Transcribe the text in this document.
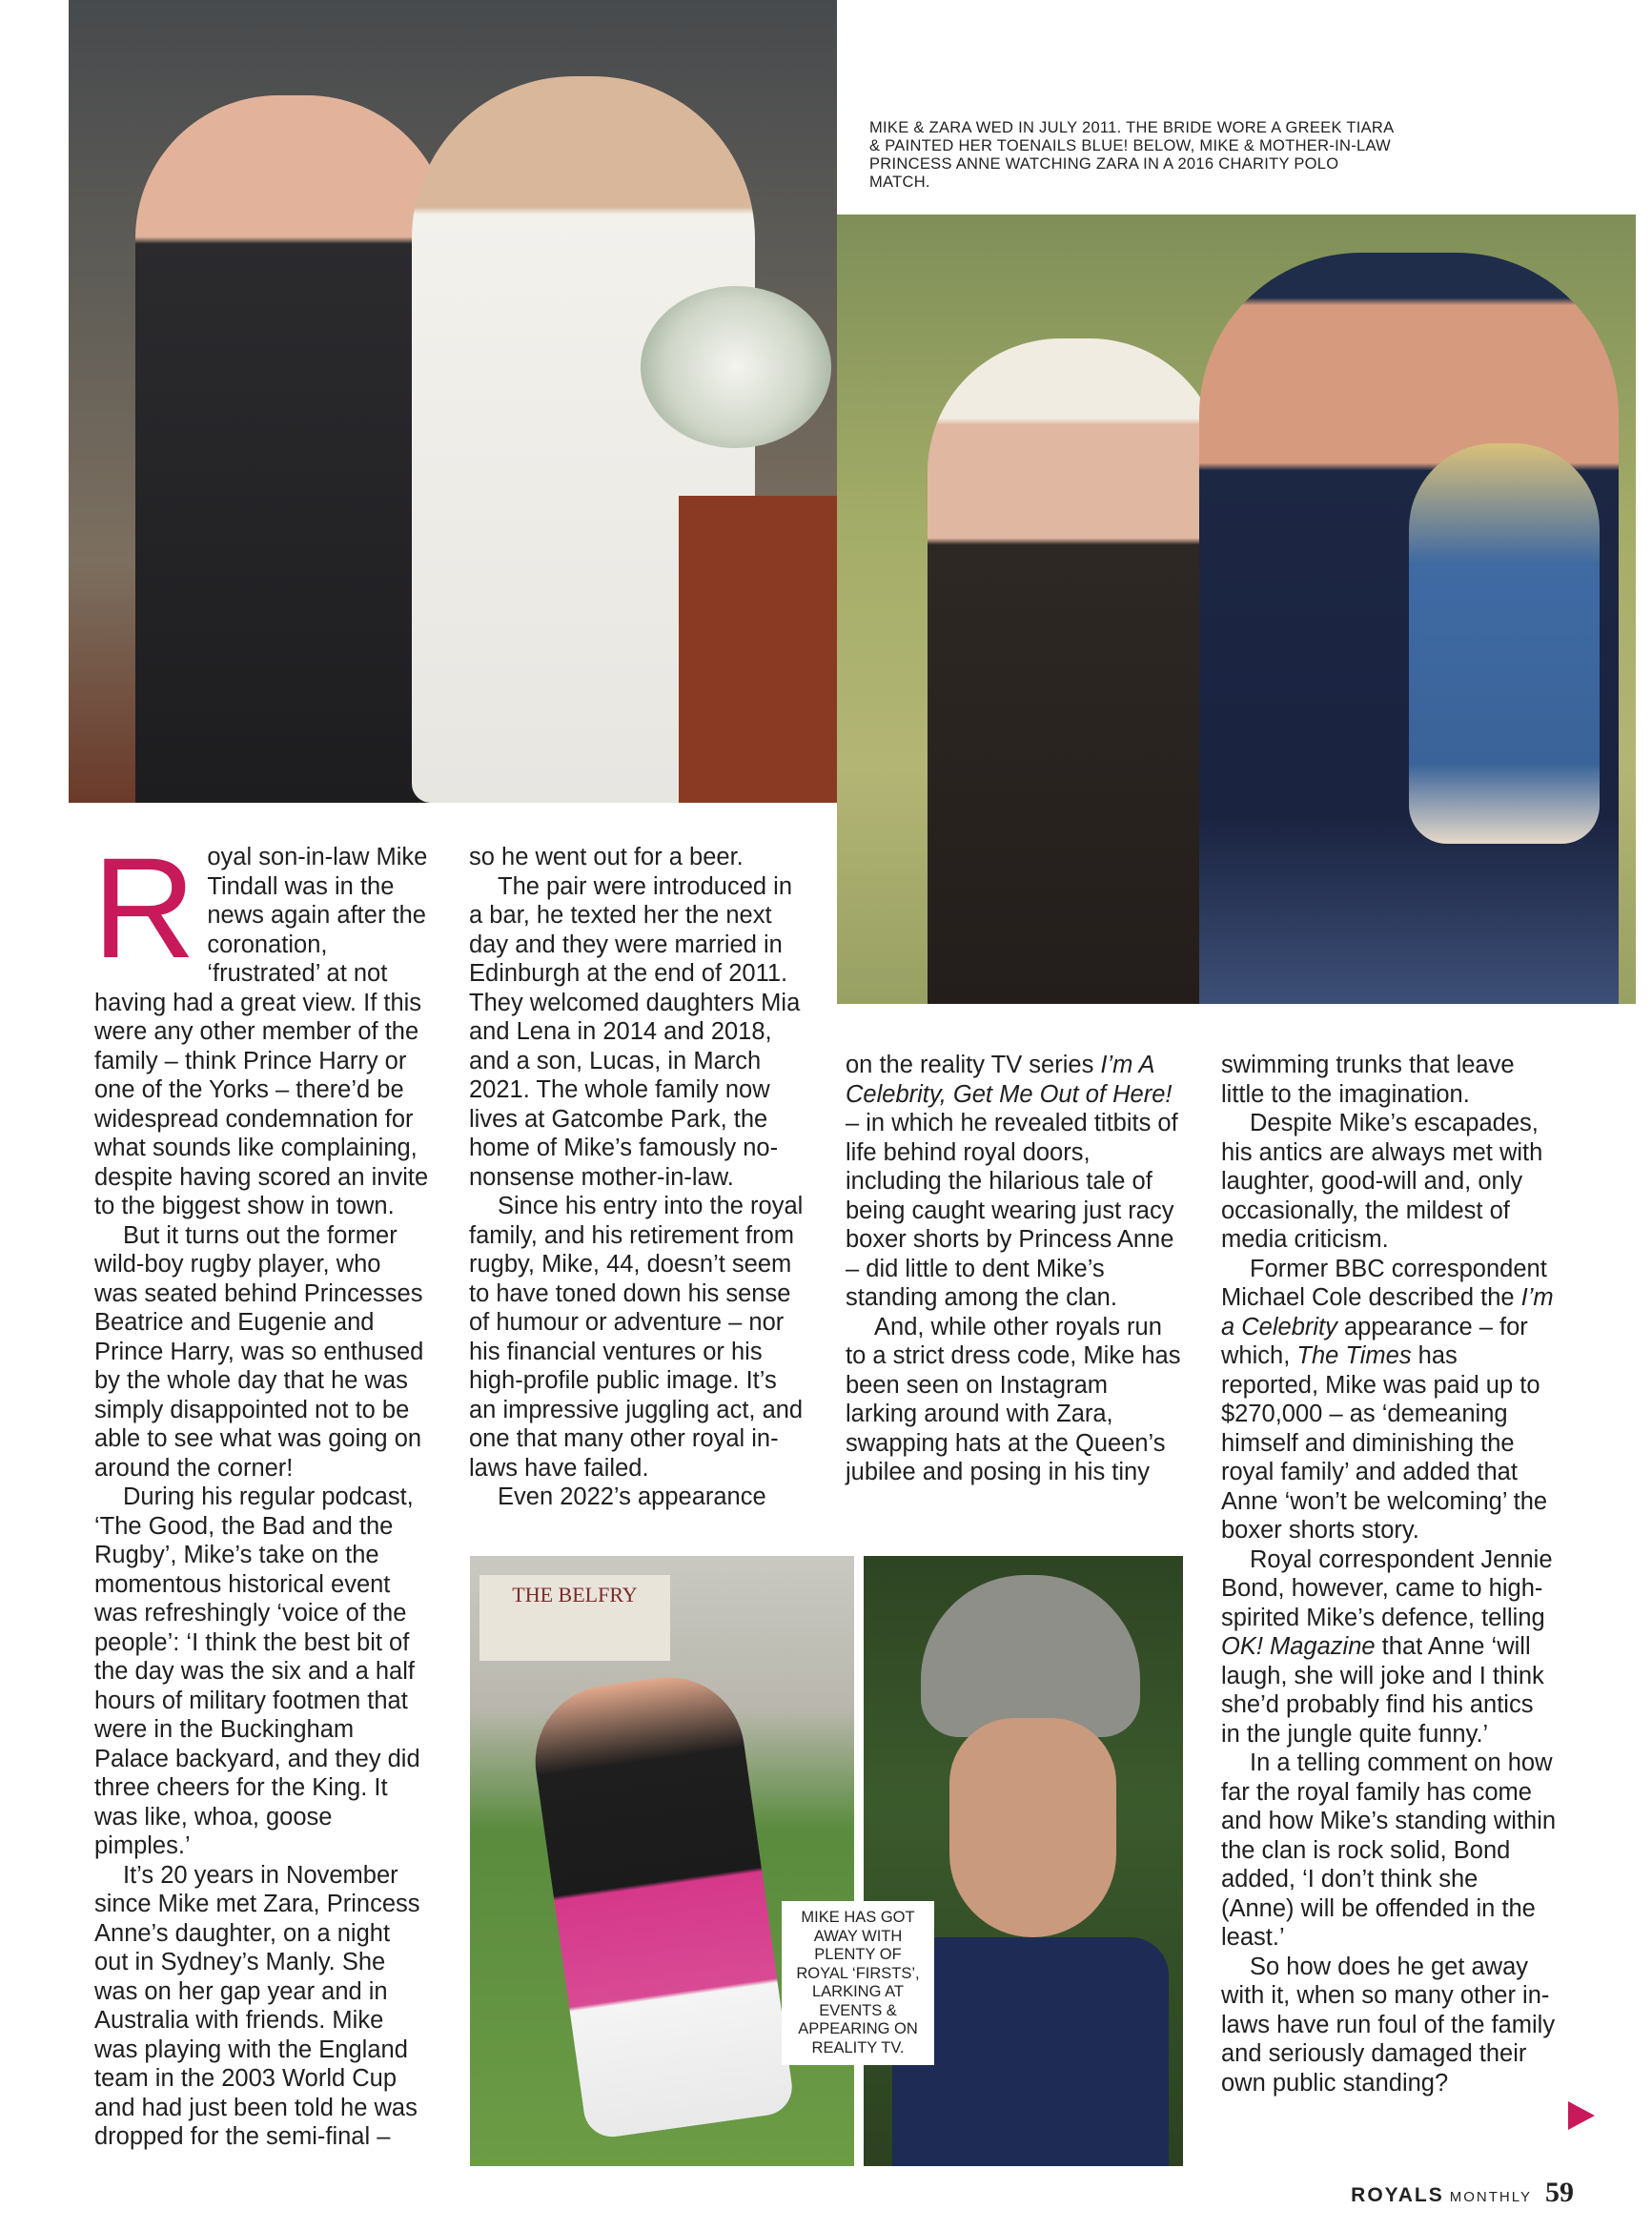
MIKE & ZARA WED IN JULY 2011. THE BRIDE WORE A GREEK TIARA & PAINTED HER TOENAILS BLUE! BELOW, MIKE & MOTHER-IN-LAW PRINCESS ANNE WATCHING ZARA IN A 2016 CHARITY POLO MATCH.

R oyal son-in-law Mike Tindall was in the news again after the coronation, ‘frustrated’ at not having had a great view. If this were any other member of the family – think Prince Harry or one of the Yorks – there’d be widespread condemnation for what sounds like complaining, despite having scored an invite to the biggest show in town.

But it turns out the former wild-boy rugby player, who was seated behind Princesses Beatrice and Eugenie and Prince Harry, was so enthused by the whole day that he was simply disappointed not to be able to see what was going on around the corner!

During his regular podcast, ‘The Good, the Bad and the Rugby’, Mike’s take on the momentous historical event was refreshingly ‘voice of the people’: ‘I think the best bit of the day was the six and a half hours of military footmen that were in the Buckingham Palace backyard, and they did three cheers for the King. It was like, whoa, goose pimples.’

It’s 20 years in November since Mike met Zara, Princess Anne’s daughter, on a night out in Sydney’s Manly. She was on her gap year and in Australia with friends. Mike was playing with the England team in the 2003 World Cup and had just been told he was dropped for the semi-final –

so he went out for a beer.

The pair were introduced in a bar, he texted her the next day and they were married in Edinburgh at the end of 2011. They welcomed daughters Mia and Lena in 2014 and 2018, and a son, Lucas, in March 2021. The whole family now lives at Gatcombe Park, the home of Mike’s famously no-nonsense mother-in-law.

Since his entry into the royal family, and his retirement from rugby, Mike, 44, doesn’t seem to have toned down his sense of humour or adventure – nor his financial ventures or his high-profile public image. It’s an impressive juggling act, and one that many other royal in-laws have failed.

Even 2022’s appearance

on the reality TV series I’m A Celebrity, Get Me Out of Here! – in which he revealed titbits of life behind royal doors, including the hilarious tale of being caught wearing just racy boxer shorts by Princess Anne – did little to dent Mike’s standing among the clan.

And, while other royals run to a strict dress code, Mike has been seen on Instagram larking around with Zara, swapping hats at the Queen’s jubilee and posing in his tiny

swimming trunks that leave little to the imagination.

Despite Mike’s escapades, his antics are always met with laughter, good-will and, only occasionally, the mildest of media criticism.

Former BBC correspondent Michael Cole described the I’m a Celebrity appearance – for which, The Times has reported, Mike was paid up to $270,000 – as ‘demeaning himself and diminishing the royal family’ and added that Anne ‘won’t be welcoming’ the boxer shorts story.

Royal correspondent Jennie Bond, however, came to high-spirited Mike’s defence, telling OK! Magazine that Anne ‘will laugh, she will joke and I think she’d probably find his antics in the jungle quite funny.’

In a telling comment on how far the royal family has come and how Mike’s standing within the clan is rock solid, Bond added, ‘I don’t think she (Anne) will be offended in the least.’

So how does he get away with it, when so many other in-laws have run foul of the family and seriously damaged their own public standing?

THE BELFRY
MIKE HAS GOT AWAY WITH PLENTY OF ROYAL ‘FIRSTS’, LARKING AT EVENTS & APPEARING ON REALITY TV.
ROYALS MONTHLY 59
